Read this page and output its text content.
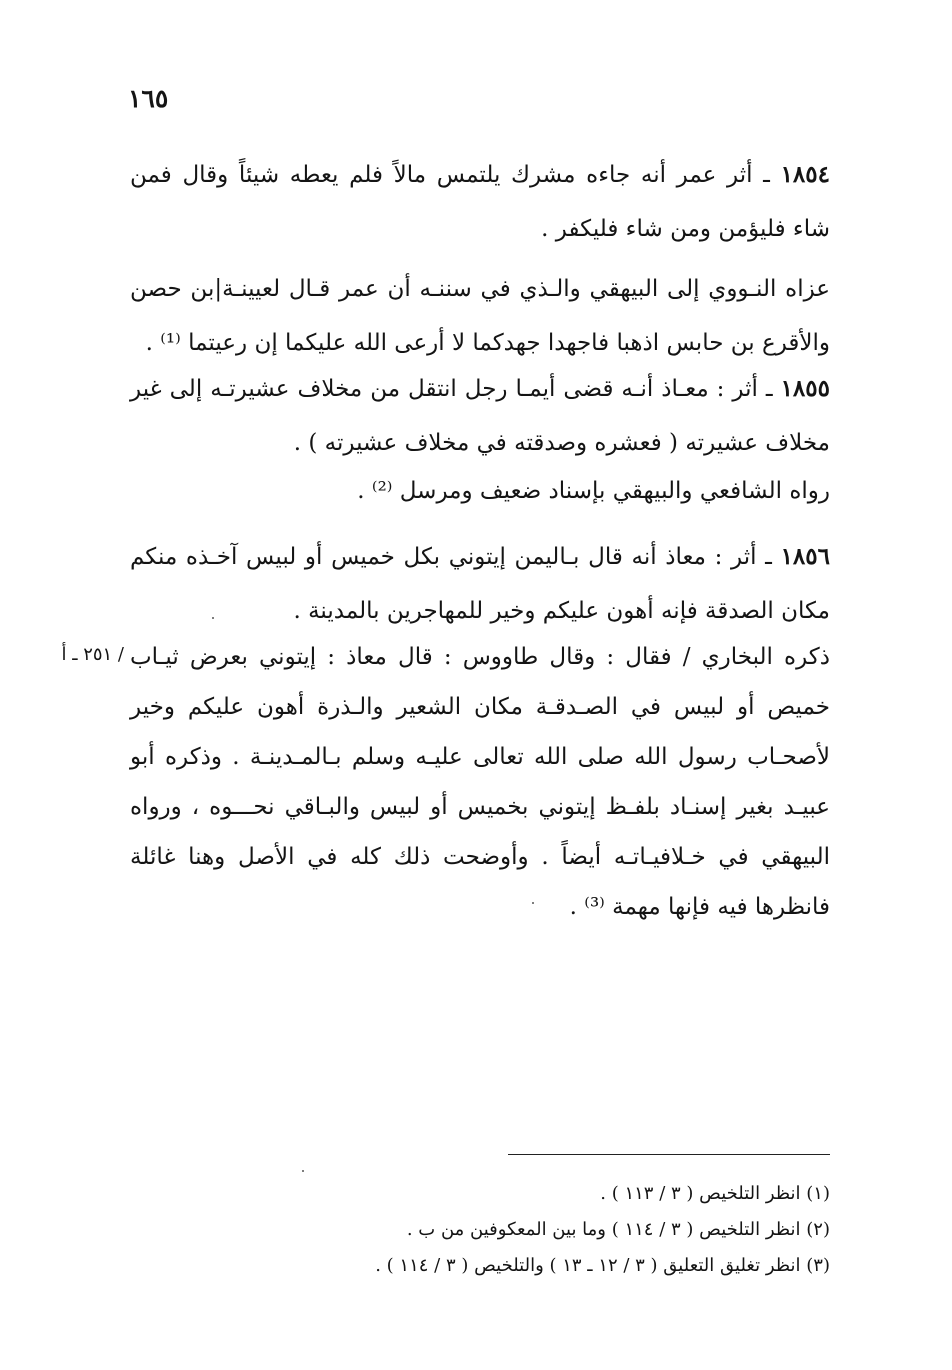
١٦٥

١٨٥٤ ـ أثر عمر أنه جاءه مشرك يلتمس مالاً فلم يعطه شيئاً وقال فمن شاء فليؤمن ومن شاء فليكفر .

عزاه النـووي إلى البيهقي والـذي في سننـه أن عمر قـال لعيينـة|بن حصن والأقرع بن حابس اذهبا فاجهدا جهدكما لا أرعى الله عليكما إن رعيتما ⁽¹⁾ .

١٨٥٥ ـ أثر : معـاذ أنـه قضى أيمـا رجل انتقل من مخلاف عشيرتـه إلى غير مخلاف عشيرته ( فعشره وصدقته في مخلاف عشيرته ) .

رواه الشافعي والبيهقي بإسناد ضعيف ومرسل ⁽²⁾ .

١٨٥٦ ـ أثر : معاذ أنه قال بـاليمن إيتوني بكل خميس أو لبيس آخـذه منكم مكان الصدقة فإنه أهون عليكم وخير للمهاجرين بالمدينة .

ذكره البخاري / فقال : وقال طاووس : قال معاذ : إيتوني بعرض ثيـاب خميص أو لبيس في الصـدقـة مكان الشعير والـذرة أهون عليكم وخير لأصحـاب رسول الله صلى الله تعالى عليـه وسلم بـالمـدينـة . وذكره أبو عبيـد بغير إسنـاد بلفـظ إيتوني بخميس أو لبيس والبـاقي نحـــوه ، ورواه البيهقي في خـلافيـاتـه أيضاً . وأوضحت ذلك كله في الأصل وهنا غائلة فانظرها فيه فإنها مهمة ⁽³⁾ .

/ ٢٥١ ـ أ
(١) انظر التلخيص ( ٣ / ١١٣ ) .
(٢) انظر التلخيص ( ٣ / ١١٤ ) وما بين المعكوفين من ب .
(٣) انظر تغليق التعليق ( ٣ / ١٢ ـ ١٣ ) والتلخيص ( ٣ / ١١٤ ) .
